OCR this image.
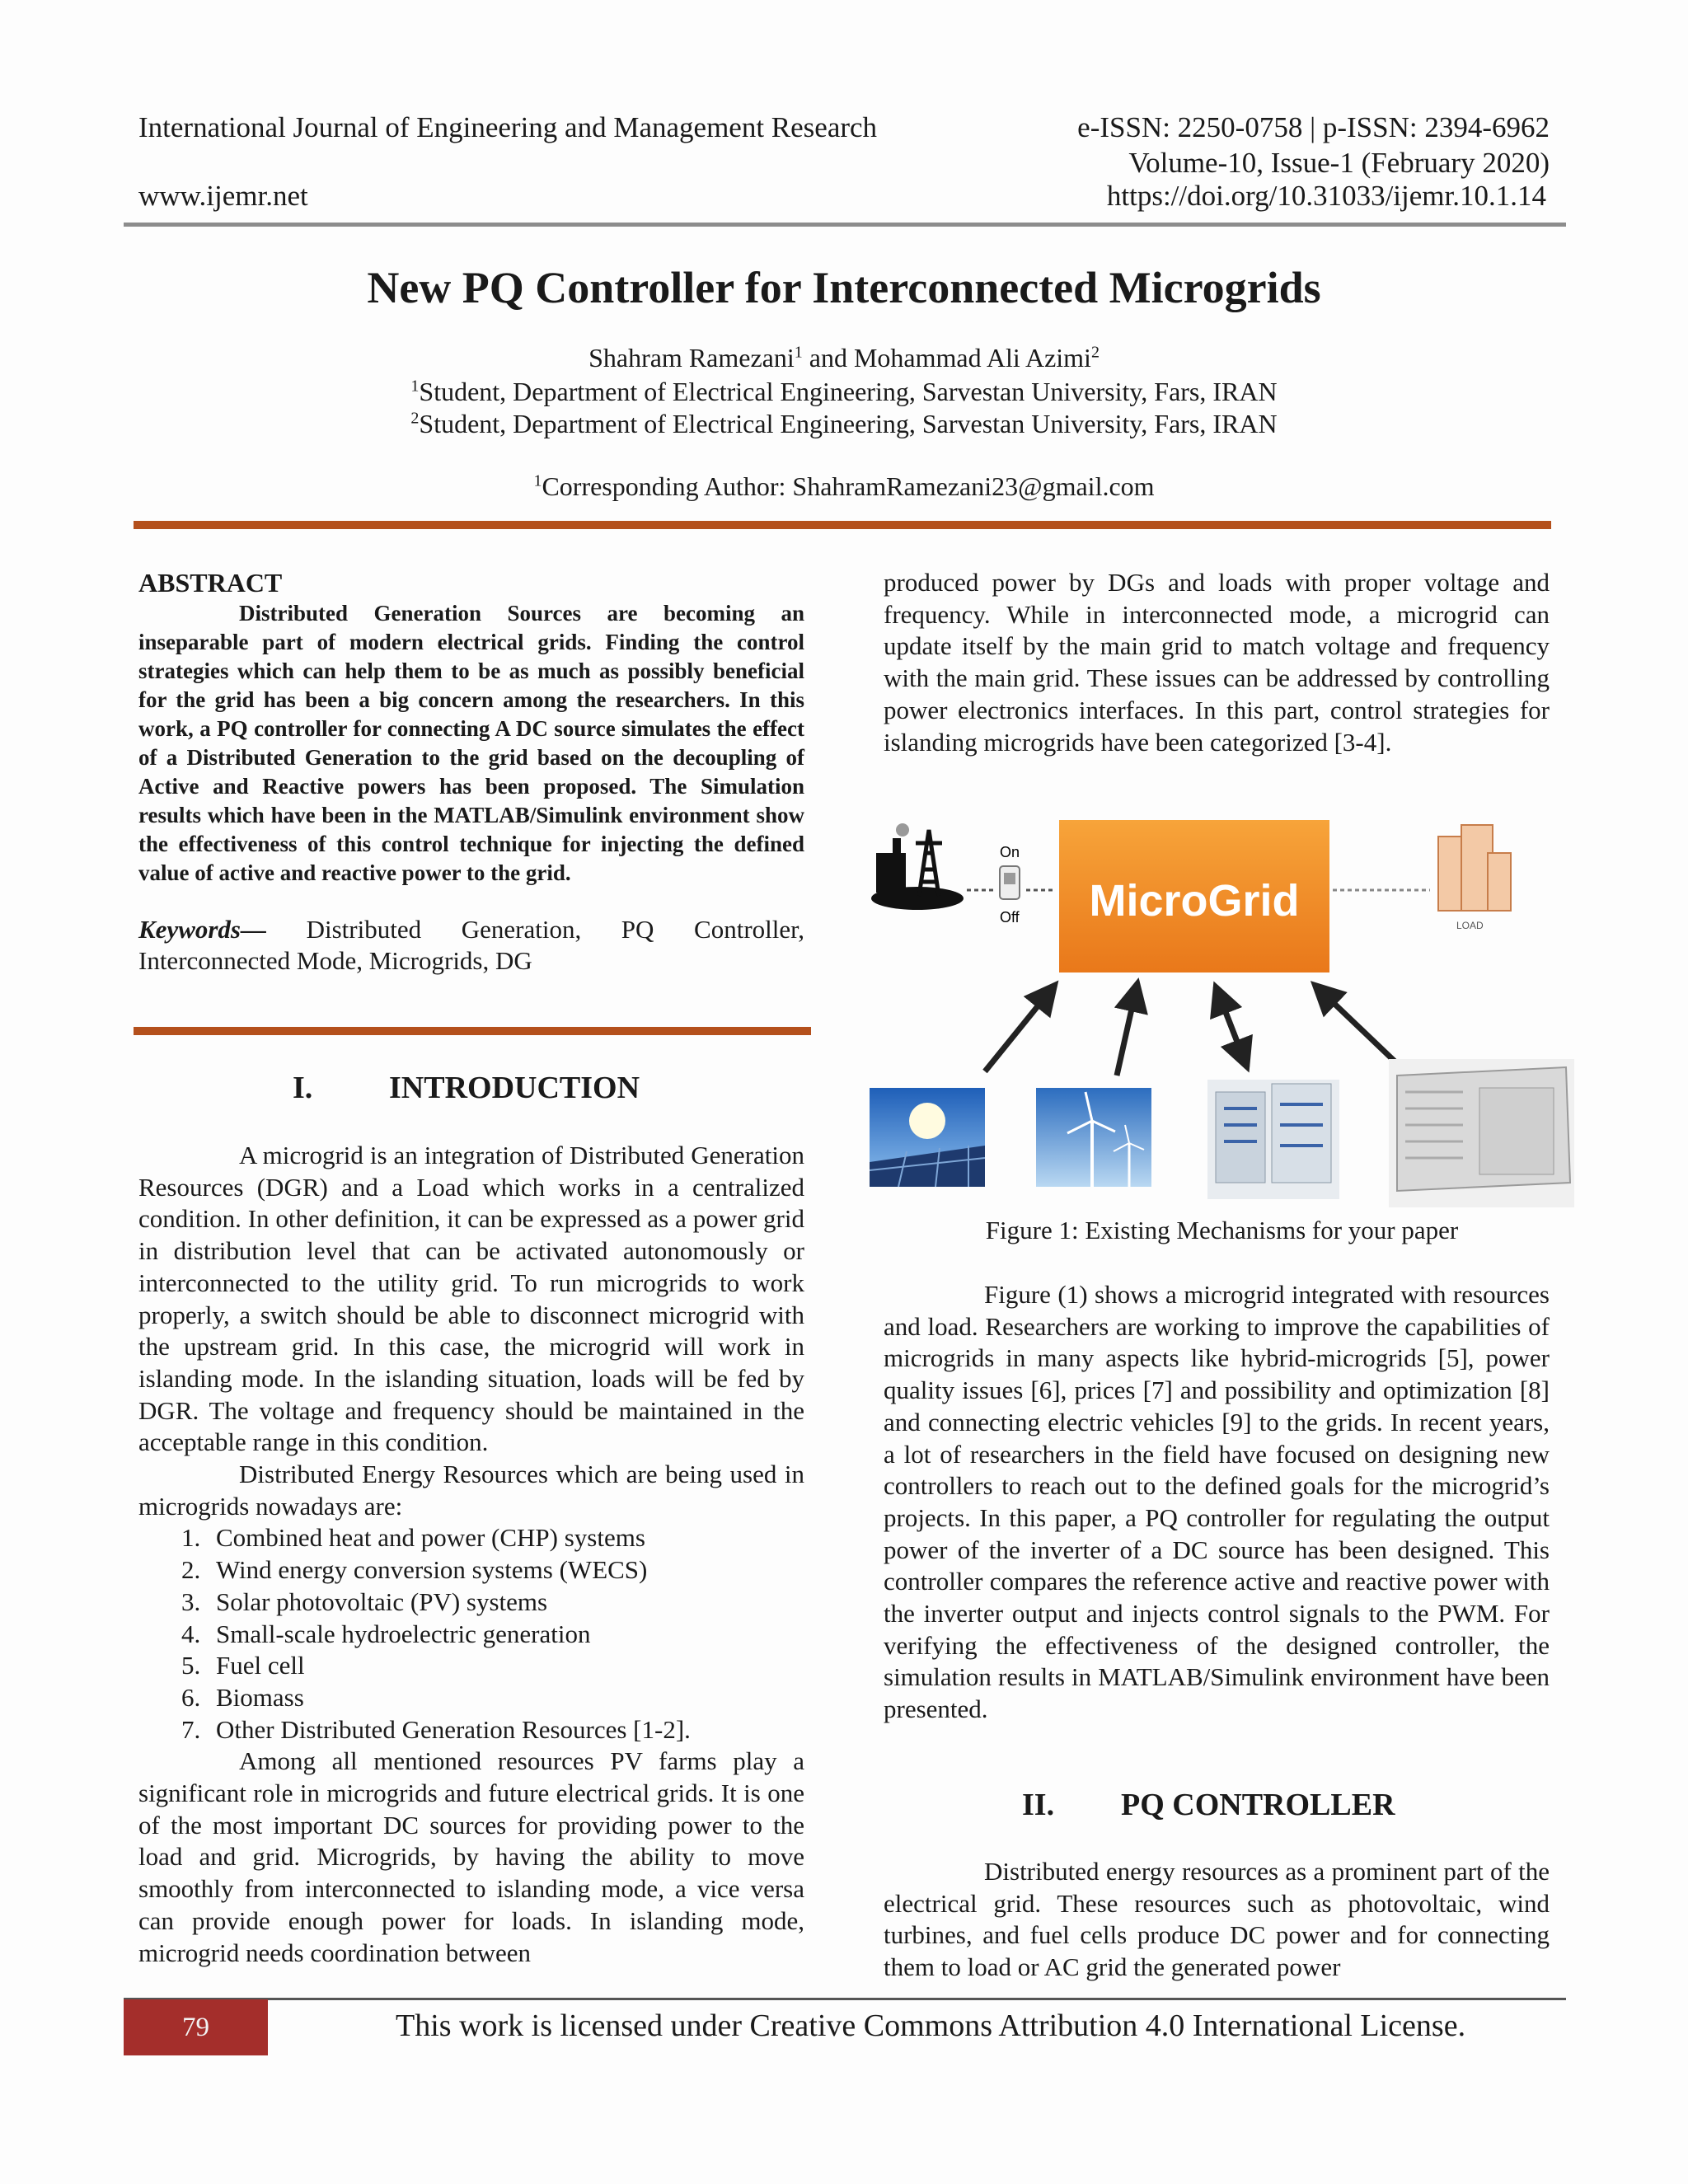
International Journal of Engineering and Management Research	e-ISSN: 2250-0758 | p-ISSN: 2394-6962
Volume-10, Issue-1 (February 2020)
www.ijemr.net	https://doi.org/10.31033/ijemr.10.1.14
New PQ Controller for Interconnected Microgrids
Shahram Ramezani$^1$ and Mohammad Ali Azimi$^2$
$^1$Student, Department of Electrical Engineering, Sarvestan University, Fars, IRAN
$^2$Student, Department of Electrical Engineering, Sarvestan University, Fars, IRAN
$^1$Corresponding Author: ShahramRamezani23@gmail.com
ABSTRACT

Distributed Generation Sources are becoming an inseparable part of modern electrical grids. Finding the control strategies which can help them to be as much as possibly beneficial for the grid has been a big concern among the researchers. In this work, a PQ controller for connecting A DC source simulates the effect of a Distributed Generation to the grid based on the decoupling of Active and Reactive powers has been proposed. The Simulation results which have been in the MATLAB/Simulink environment show the effectiveness of this control technique for injecting the defined value of active and reactive power to the grid.

Keywords— Distributed Generation, PQ Controller, Interconnected Mode, Microgrids, DG

I. INTRODUCTION

A microgrid is an integration of Distributed Generation Resources (DGR) and a Load which works in a centralized condition. In other definition, it can be expressed as a power grid in distribution level that can be activated autonomously or interconnected to the utility grid. To run microgrids to work properly, a switch should be able to disconnect microgrid with the upstream grid. In this case, the microgrid will work in islanding mode. In the islanding situation, loads will be fed by DGR. The voltage and frequency should be maintained in the acceptable range in this condition.

Distributed Energy Resources which are being used in microgrids nowadays are:

1. Combined heat and power (CHP) systems
2. Wind energy conversion systems (WECS)
3. Solar photovoltaic (PV) systems
4. Small-scale hydroelectric generation
5. Fuel cell
6. Biomass
7. Other Distributed Generation Resources [1-2].

Among all mentioned resources PV farms play a significant role in microgrids and future electrical grids. It is one of the most important DC sources for providing power to the load and grid. Microgrids, by having the ability to move smoothly from interconnected to islanding mode, a vice versa can provide enough power for loads. In islanding mode, microgrid needs coordination between

produced power by DGs and loads with proper voltage and frequency. While in interconnected mode, a microgrid can update itself by the main grid to match voltage and frequency with the main grid. These issues can be addressed by controlling power electronics interfaces. In this part, control strategies for islanding microgrids have been categorized [3-4].
On
Off MicroGrid	LOAD
Figure 1: Existing Mechanisms for your paper

Figure (1) shows a microgrid integrated with resources and load. Researchers are working to improve the capabilities of microgrids in many aspects like hybrid-microgrids [5], power quality issues [6], prices [7] and possibility and optimization [8] and connecting electric vehicles [9] to the grids. In recent years, a lot of researchers in the field have focused on designing new controllers to reach out to the defined goals for the microgrid’s projects. In this paper, a PQ controller for regulating the output power of the inverter of a DC source has been designed. This controller compares the reference active and reactive power with the inverter output and injects control signals to the PWM. For verifying the effectiveness of the designed controller, the simulation results in MATLAB/Simulink environment have been presented.

II. PQ CONTROLLER

Distributed energy resources as a prominent part of the electrical grid. These resources such as photovoltaic, wind turbines, and fuel cells produce DC power and for connecting them to load or AC grid the generated power

79	This work is licensed under Creative Commons Attribution 4.0 International License.
